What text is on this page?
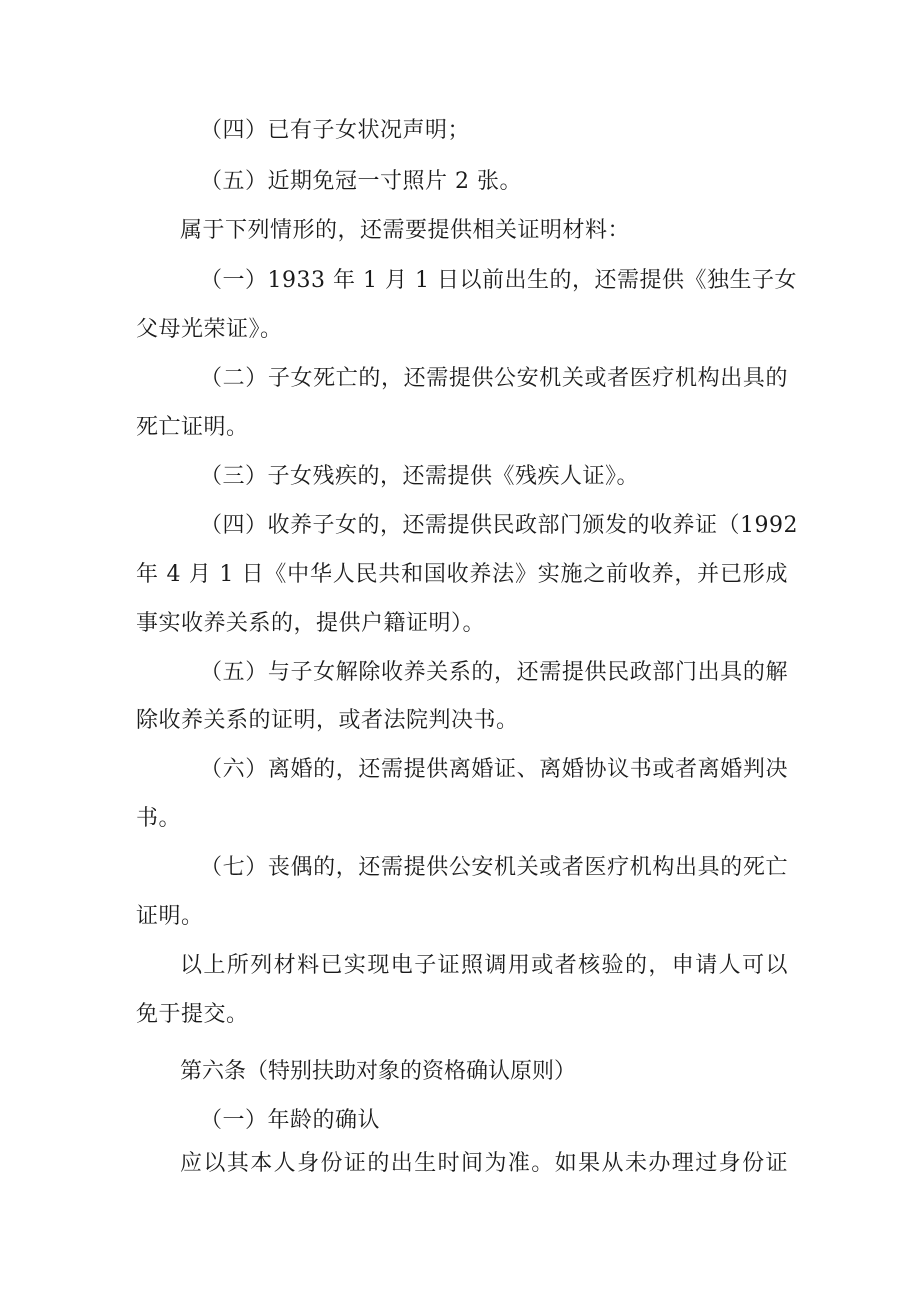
（四）已有子女状况声明；
（五）近期免冠一寸照片 2 张。
属于下列情形的，还需要提供相关证明材料：
（一）1933 年 1 月 1 日以前出生的，还需提供《独生子女
父母光荣证》。
（二）子女死亡的，还需提供公安机关或者医疗机构出具的
死亡证明。
（三）子女残疾的，还需提供《残疾人证》。
（四）收养子女的，还需提供民政部门颁发的收养证（1992
年 4 月 1 日《中华人民共和国收养法》实施之前收养，并已形成
事实收养关系的，提供户籍证明）。
（五）与子女解除收养关系的，还需提供民政部门出具的解
除收养关系的证明，或者法院判决书。
（六）离婚的，还需提供离婚证、离婚协议书或者离婚判决
书。
（七）丧偶的，还需提供公安机关或者医疗机构出具的死亡
证明。
以上所列材料已实现电子证照调用或者核验的，申请人可以
免于提交。
第六条（特别扶助对象的资格确认原则）
（一）年龄的确认
应以其本人身份证的出生时间为准。如果从未办理过身份证
